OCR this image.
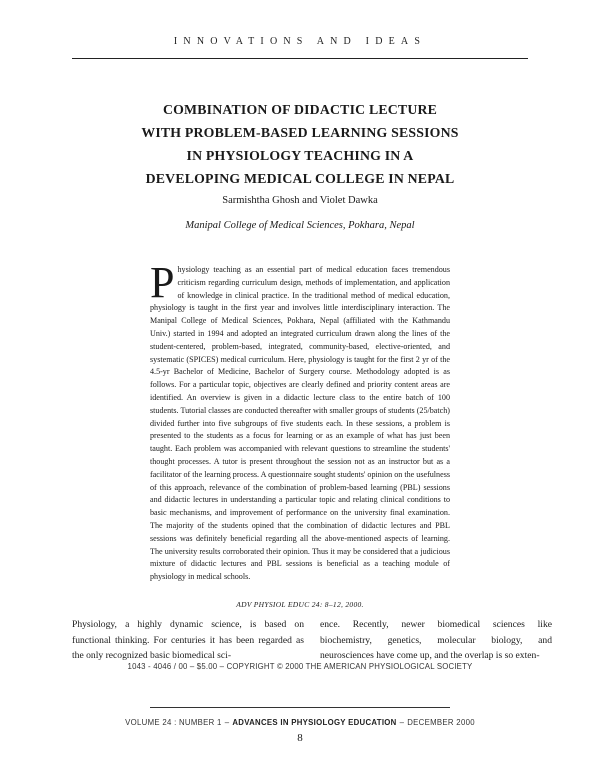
INNOVATIONS AND IDEAS
COMBINATION OF DIDACTIC LECTURE
WITH PROBLEM-BASED LEARNING SESSIONS
IN PHYSIOLOGY TEACHING IN A
DEVELOPING MEDICAL COLLEGE IN NEPAL
Sarmishtha Ghosh and Violet Dawka
Manipal College of Medical Sciences, Pokhara, Nepal
Physiology teaching as an essential part of medical education faces tremendous criticism regarding curriculum design, methods of implementation, and application of knowledge in clinical practice. In the traditional method of medical education, physiology is taught in the first year and involves little interdisciplinary interaction. The Manipal College of Medical Sciences, Pokhara, Nepal (affiliated with the Kathmandu Univ.) started in 1994 and adopted an integrated curriculum drawn along the lines of the student-centered, problem-based, integrated, community-based, elective-oriented, and systematic (SPICES) medical curriculum. Here, physiology is taught for the first 2 yr of the 4.5-yr Bachelor of Medicine, Bachelor of Surgery course. Methodology adopted is as follows. For a particular topic, objectives are clearly defined and priority content areas are identified. An overview is given in a didactic lecture class to the entire batch of 100 students. Tutorial classes are conducted thereafter with smaller groups of students (25/batch) divided further into five subgroups of five students each. In these sessions, a problem is presented to the students as a focus for learning or as an example of what has just been taught. Each problem was accompanied with relevant questions to streamline the students' thought processes. A tutor is present throughout the session not as an instructor but as a facilitator of the learning process. A questionnaire sought students' opinion on the usefulness of this approach, relevance of the combination of problem-based learning (PBL) sessions and didactic lectures in understanding a particular topic and relating clinical conditions to basic mechanisms, and improvement of performance on the university final examination. The majority of the students opined that the combination of didactic lectures and PBL sessions was definitely beneficial regarding all the above-mentioned aspects of learning. The university results corroborated their opinion. Thus it may be considered that a judicious mixture of didactic lectures and PBL sessions is beneficial as a teaching module of physiology in medical schools.
ADV PHYSIOL EDUC 24: 8–12, 2000.
Physiology, a highly dynamic science, is based on functional thinking. For centuries it has been regarded as the only recognized basic biomedical sci-
ence. Recently, newer biomedical sciences like biochemistry, genetics, molecular biology, and neurosciences have come up, and the overlap is so exten-
1043 - 4046 / 00 – $5.00 – COPYRIGHT © 2000 THE AMERICAN PHYSIOLOGICAL SOCIETY
VOLUME 24 : NUMBER 1 – ADVANCES IN PHYSIOLOGY EDUCATION – DECEMBER 2000
8
